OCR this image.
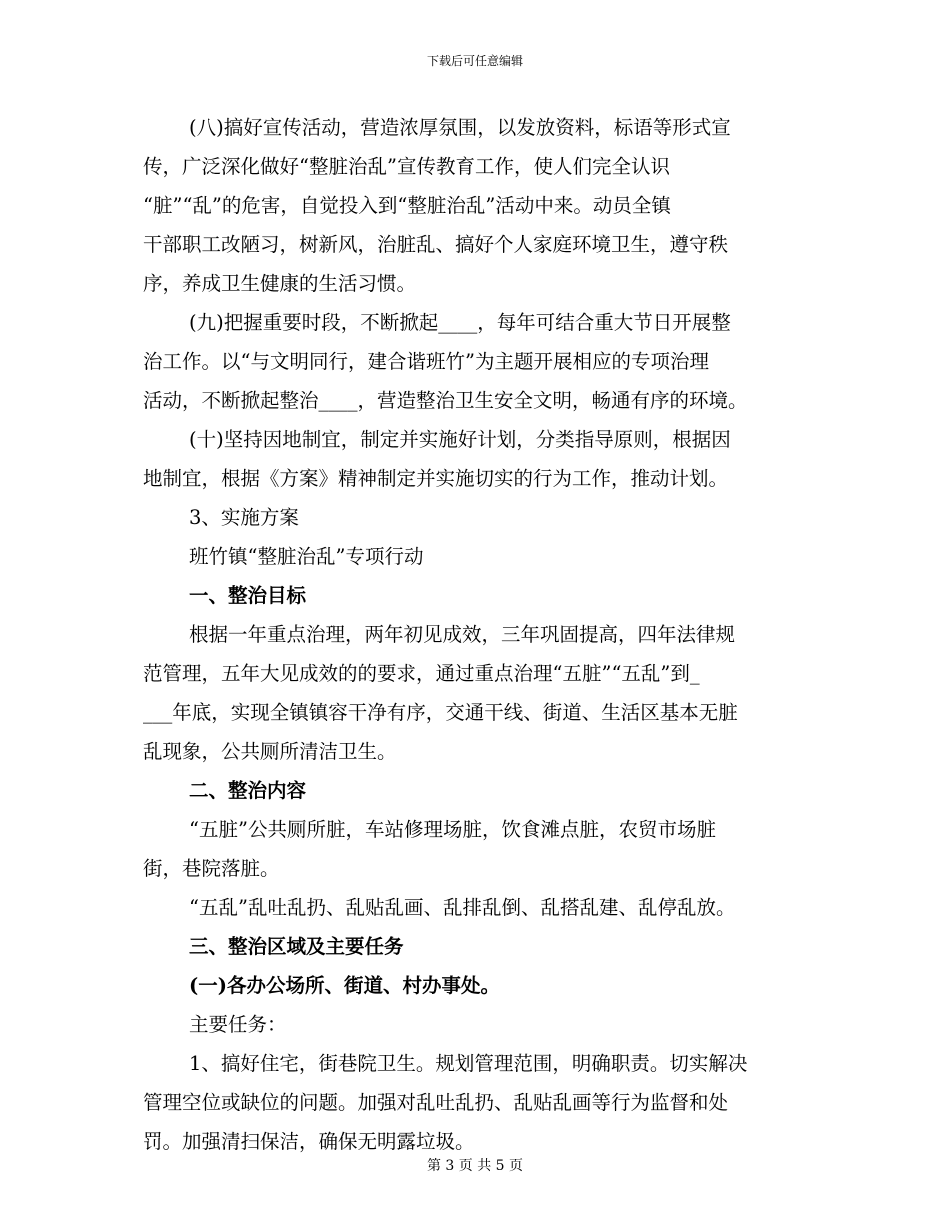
下载后可任意编辑
(八)搞好宣传活动，营造浓厚氛围，以发放资料，标语等形式宣
传，广泛深化做好“整脏治乱”宣传教育工作，使人们完全认识
“脏”“乱”的危害，自觉投入到“整脏治乱”活动中来。动员全镇
干部职工改陋习，树新风，治脏乱、搞好个人家庭环境卫生，遵守秩
序，养成卫生健康的生活习惯。
(九)把握重要时段，不断掀起____，每年可结合重大节日开展整
治工作。以“与文明同行，建合谐班竹”为主题开展相应的专项治理
活动，不断掀起整治____，营造整治卫生安全文明，畅通有序的环境。
(十)坚持因地制宜，制定并实施好计划，分类指导原则，根据因
地制宜，根据《方案》精神制定并实施切实的行为工作，推动计划。
3、实施方案
班竹镇“整脏治乱”专项行动
一、整治目标
根据一年重点治理，两年初见成效，三年巩固提高，四年法律规
范管理，五年大见成效的的要求，通过重点治理“五脏”“五乱”到_
___年底，实现全镇镇容干净有序，交通干线、街道、生活区基本无脏
乱现象，公共厕所清洁卫生。
二、整治内容
“五脏”公共厕所脏，车站修理场脏，饮食滩点脏，农贸市场脏
街，巷院落脏。
“五乱”乱吐乱扔、乱贴乱画、乱排乱倒、乱搭乱建、乱停乱放。
三、整治区域及主要任务
(一)各办公场所、街道、村办事处。
主要任务：
1、搞好住宅，街巷院卫生。规划管理范围，明确职责。切实解决
管理空位或缺位的问题。加强对乱吐乱扔、乱贴乱画等行为监督和处
罚。加强清扫保洁，确保无明露垃圾。
第 3 页 共 5 页
